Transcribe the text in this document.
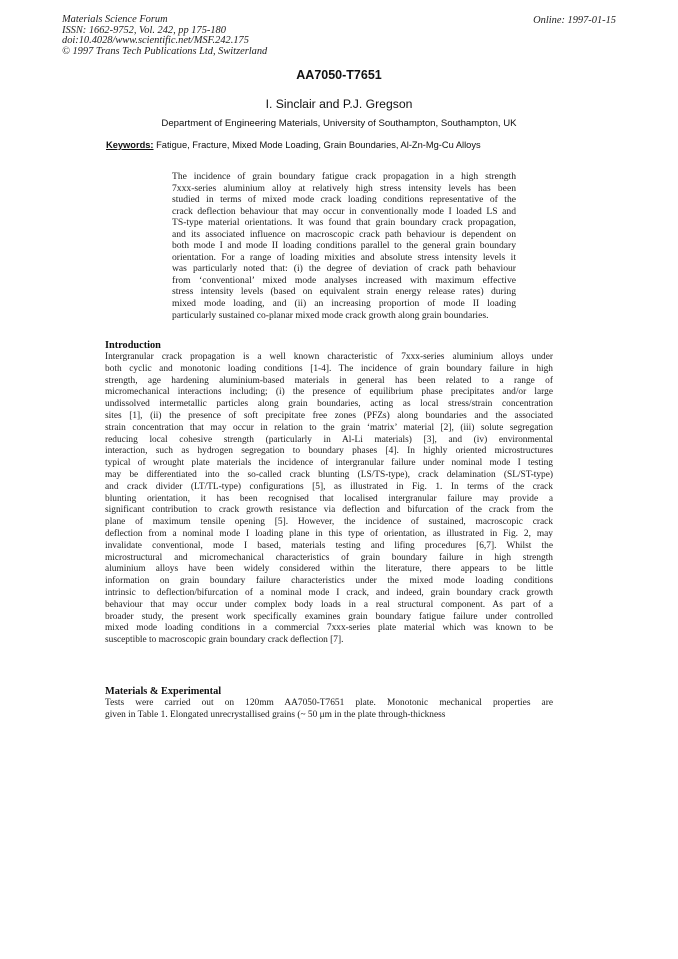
Materials Science Forum
ISSN: 1662-9752, Vol. 242, pp 175-180
doi:10.4028/www.scientific.net/MSF.242.175
© 1997 Trans Tech Publications Ltd, Switzerland
Online: 1997-01-15
AA7050-T7651
I. Sinclair and P.J. Gregson
Department of Engineering Materials, University of Southampton, Southampton, UK
Keywords: Fatigue, Fracture, Mixed Mode Loading, Grain Boundaries, Al-Zn-Mg-Cu Alloys
The incidence of grain boundary fatigue crack propagation in a high strength
7xxx-series aluminium alloy at relatively high stress intensity levels has been
studied in terms of mixed mode crack loading conditions representative of the
crack deflection behaviour that may occur in conventionally mode I loaded LS and
TS-type material orientations. It was found that grain boundary crack propagation,
and its associated influence on macroscopic crack path behaviour is dependent on
both mode I and mode II loading conditions parallel to the general grain boundary
orientation. For a range of loading mixities and absolute stress intensity levels it
was particularly noted that: (i) the degree of deviation of crack path behaviour
from ‘conventional’ mixed mode analyses increased with maximum effective
stress intensity levels (based on equivalent strain energy release rates) during
mixed mode loading, and (ii) an increasing proportion of mode II loading
particularly sustained co-planar mixed mode crack growth along grain boundaries.
Introduction
Intergranular crack propagation is a well known characteristic of 7xxx-series aluminium alloys under
both cyclic and monotonic loading conditions [1-4]. The incidence of grain boundary failure in high
strength, age hardening aluminium-based materials in general has been related to a range of
micromechanical interactions including; (i) the presence of equilibrium phase precipitates and/or large
undissolved intermetallic particles along grain boundaries, acting as local stress/strain concentration
sites [1], (ii) the presence of soft precipitate free zones (PFZs) along boundaries and the associated
strain concentration that may occur in relation to the grain ‘matrix’ material [2], (iii) solute segregation
reducing local cohesive strength (particularly in Al-Li materials) [3], and (iv) environmental
interaction, such as hydrogen segregation to boundary phases [4]. In highly oriented microstructures
typical of wrought plate materials the incidence of intergranular failure under nominal mode I testing
may be differentiated into the so-called crack blunting (LS/TS-type), crack delamination (SL/ST-type)
and crack divider (LT/TL-type) configurations [5], as illustrated in Fig. 1. In terms of the crack
blunting orientation, it has been recognised that localised intergranular failure may provide a
significant contribution to crack growth resistance via deflection and bifurcation of the crack from the
plane of maximum tensile opening [5]. However, the incidence of sustained, macroscopic crack
deflection from a nominal mode I loading plane in this type of orientation, as illustrated in Fig. 2, may
invalidate conventional, mode I based, materials testing and lifing procedures [6,7]. Whilst the
microstructural and micromechanical characteristics of grain boundary failure in high strength
aluminium alloys have been widely considered within the literature, there appears to be little
information on grain boundary failure characteristics under the mixed mode loading conditions
intrinsic to deflection/bifurcation of a nominal mode I crack, and indeed, grain boundary crack growth
behaviour that may occur under complex body loads in a real structural component. As part of a
broader study, the present work specifically examines grain boundary fatigue failure under controlled
mixed mode loading conditions in a commercial 7xxx-series plate material which was known to be
susceptible to macroscopic grain boundary crack deflection [7].
Materials & Experimental
Tests were carried out on 120mm AA7050-T7651 plate. Monotonic mechanical properties are
given in Table 1. Elongated unrecrystallised grains (~ 50 μm in the plate through-thickness
